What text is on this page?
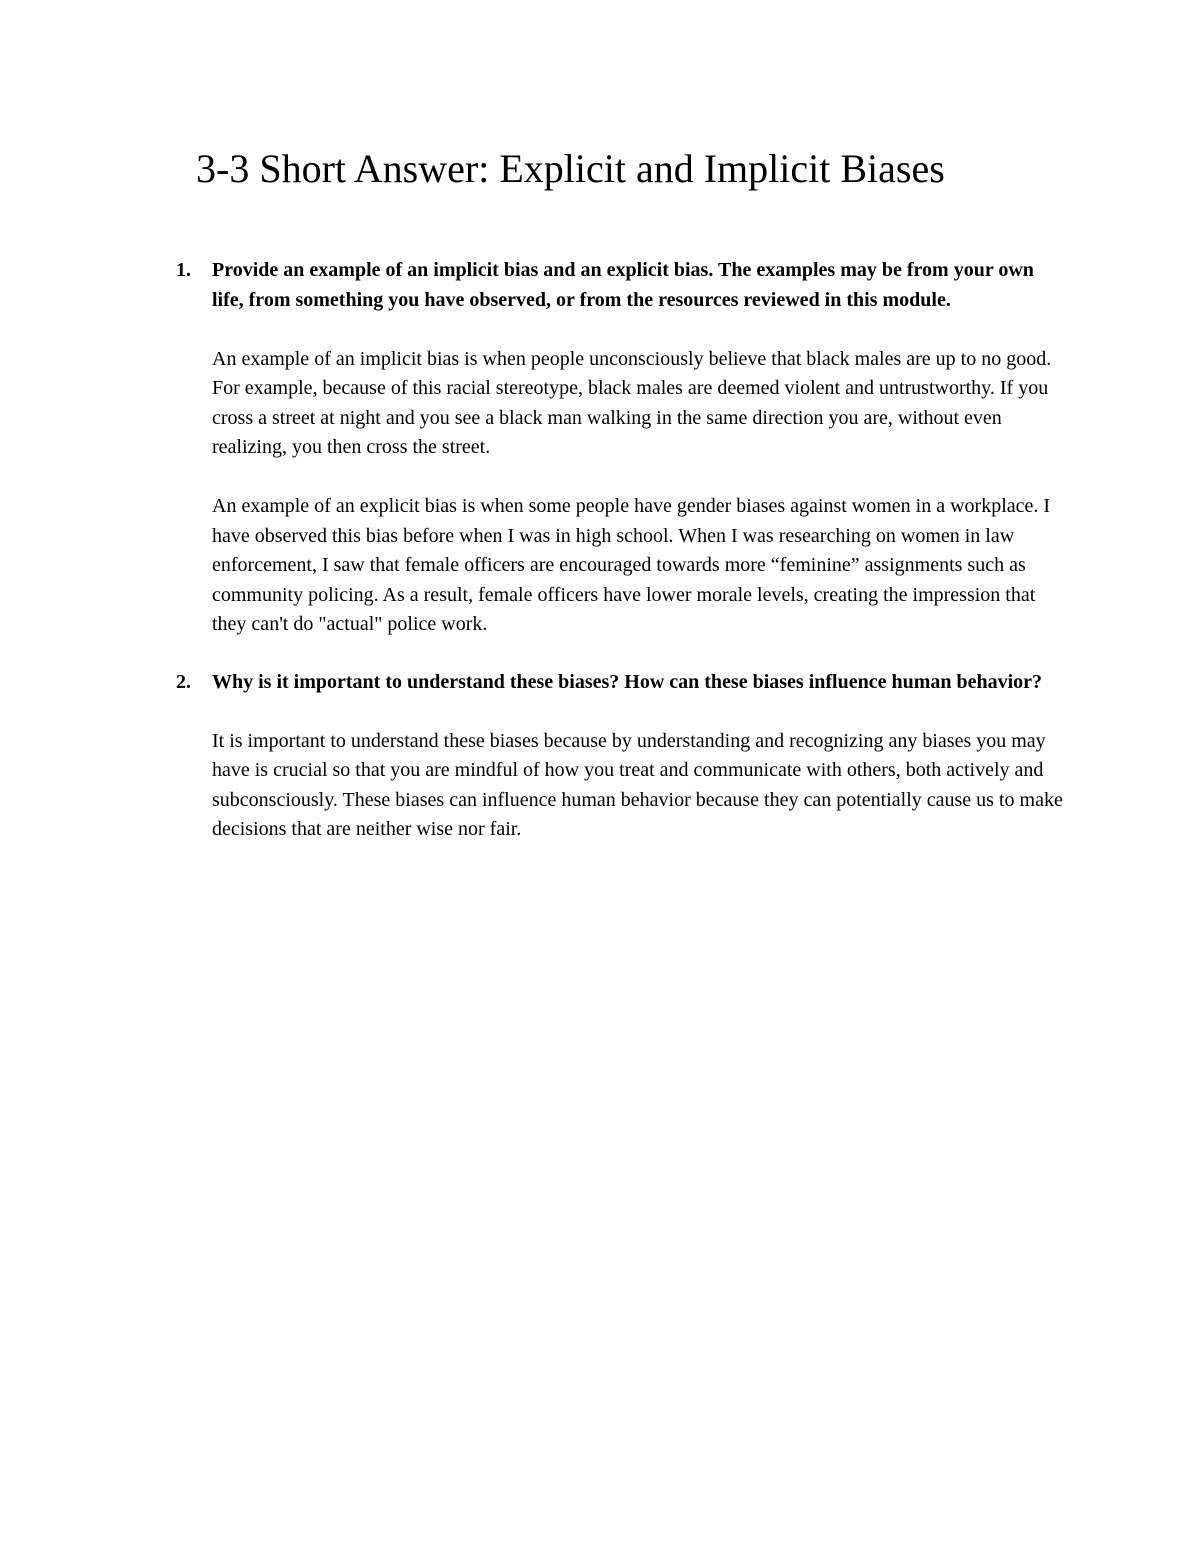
3-3 Short Answer: Explicit and Implicit Biases
1. Provide an example of an implicit bias and an explicit bias. The examples may be from your own life, from something you have observed, or from the resources reviewed in this module.

An example of an implicit bias is when people unconsciously believe that black males are up to no good. For example, because of this racial stereotype, black males are deemed violent and untrustworthy. If you cross a street at night and you see a black man walking in the same direction you are, without even realizing, you then cross the street.

An example of an explicit bias is when some people have gender biases against women in a workplace. I have observed this bias before when I was in high school. When I was researching on women in law enforcement, I saw that female officers are encouraged towards more “feminine” assignments such as community policing. As a result, female officers have lower morale levels, creating the impression that they can't do "actual" police work.

2. Why is it important to understand these biases? How can these biases influence human behavior?

It is important to understand these biases because by understanding and recognizing any biases you may have is crucial so that you are mindful of how you treat and communicate with others, both actively and subconsciously. These biases can influence human behavior because they can potentially cause us to make decisions that are neither wise nor fair.
